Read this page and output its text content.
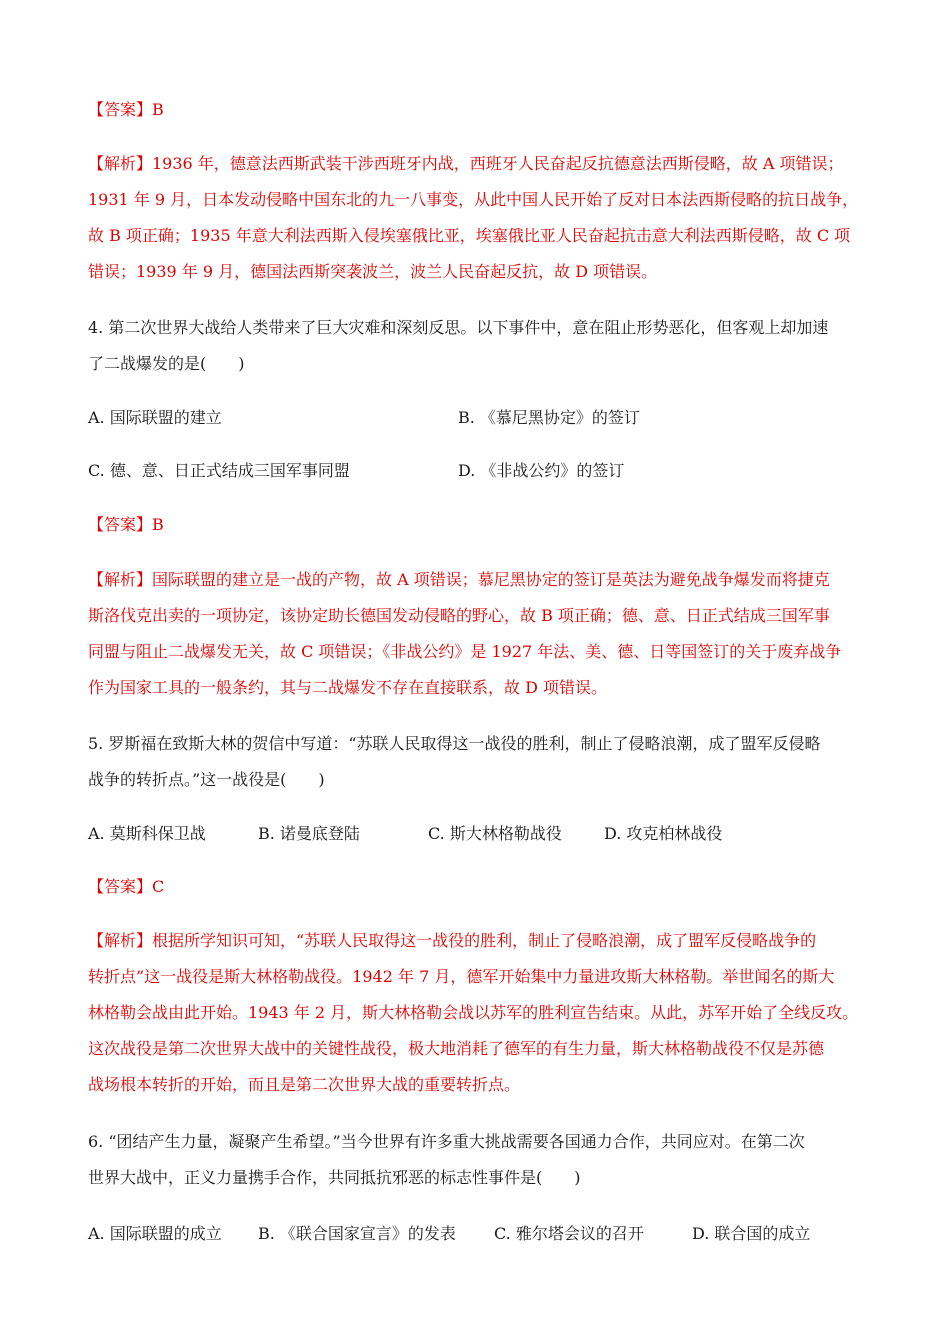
【答案】B
【解析】1936 年，德意法西斯武装干涉西班牙内战，西班牙人民奋起反抗德意法西斯侵略，故 A 项错误；
1931 年 9 月，日本发动侵略中国东北的九一八事变，从此中国人民开始了反对日本法西斯侵略的抗日战争，
故 B 项正确；1935 年意大利法西斯入侵埃塞俄比亚，埃塞俄比亚人民奋起抗击意大利法西斯侵略，故 C 项
错误；1939 年 9 月，德国法西斯突袭波兰，波兰人民奋起反抗，故 D 项错误。
4. 第二次世界大战给人类带来了巨大灾难和深刻反思。以下事件中，意在阻止形势恶化，但客观上却加速
了二战爆发的是(　　)
A. 国际联盟的建立	B. 《慕尼黑协定》的签订
C. 德、意、日正式结成三国军事同盟	D. 《非战公约》的签订
【答案】B
【解析】国际联盟的建立是一战的产物，故 A 项错误；慕尼黑协定的签订是英法为避免战争爆发而将捷克
斯洛伐克出卖的一项协定，该协定助长德国发动侵略的野心，故 B 项正确；德、意、日正式结成三国军事
同盟与阻止二战爆发无关，故 C 项错误；《非战公约》是 1927 年法、美、德、日等国签订的关于废弃战争
作为国家工具的一般条约，其与二战爆发不存在直接联系，故 D 项错误。
5. 罗斯福在致斯大林的贺信中写道：“苏联人民取得这一战役的胜利，制止了侵略浪潮，成了盟军反侵略
战争的转折点。”这一战役是(　　)
A. 莫斯科保卫战	B. 诺曼底登陆	C. 斯大林格勒战役	D. 攻克柏林战役
【答案】C
【解析】根据所学知识可知，“苏联人民取得这一战役的胜利，制止了侵略浪潮，成了盟军反侵略战争的
转折点”这一战役是斯大林格勒战役。1942 年 7 月，德军开始集中力量进攻斯大林格勒。举世闻名的斯大
林格勒会战由此开始。1943 年 2 月，斯大林格勒会战以苏军的胜利宣告结束。从此，苏军开始了全线反攻。
这次战役是第二次世界大战中的关键性战役，极大地消耗了德军的有生力量，斯大林格勒战役不仅是苏德
战场根本转折的开始，而且是第二次世界大战的重要转折点。
6. “团结产生力量，凝聚产生希望。”当今世界有许多重大挑战需要各国通力合作，共同应对。在第二次
世界大战中，正义力量携手合作，共同抵抗邪恶的标志性事件是(　　)
A. 国际联盟的成立 B. 《联合国家宣言》的发表 C. 雅尔塔会议的召开	D. 联合国的成立
